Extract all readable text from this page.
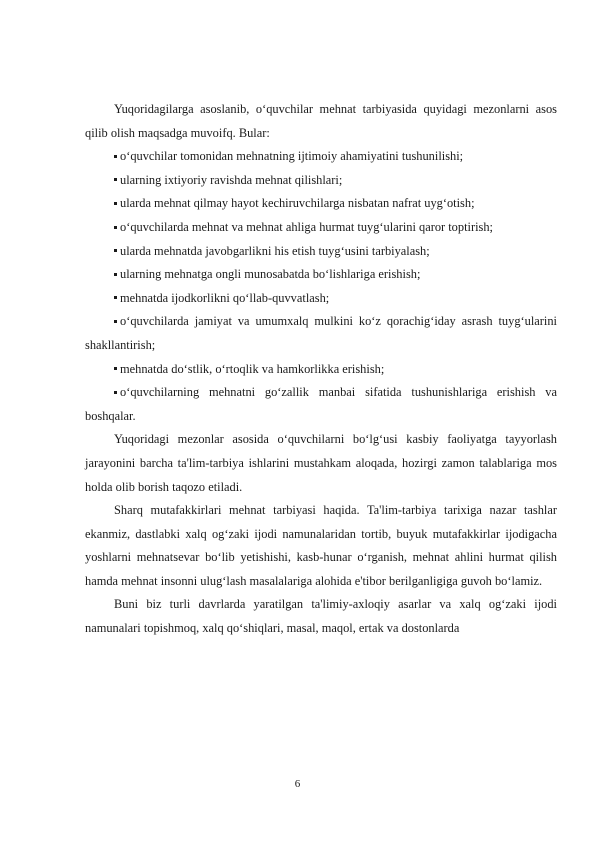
Yuqoridagilarga asoslanib, o‘quvchilar mehnat tarbiyasida quyidagi mezonlarni asos qilib olish maqsadga muvoifq. Bular:

o‘quvchilar tomonidan mehnatning ijtimoiy ahamiyatini tushunilishi;
ularning ixtiyoriy ravishda mehnat qilishlari;
ularda mehnat qilmay hayot kechiruvchilarga nisbatan nafrat uyg‘otish;
o‘quvchilarda mehnat va mehnat ahliga hurmat tuyg‘ularini qaror toptirish;
ularda mehnatda javobgarlikni his etish tuyg‘usini tarbiyalash;
ularning mehnatga ongli munosabatda bo‘lishlariga erishish;
mehnatda ijodkorlikni qo‘llab-quvvatlash;
o‘quvchilarda jamiyat va umumxalq mulkini ko‘z qorachig‘iday asrash tuyg‘ularini shakllantirish;
mehnatda do‘stlik, o‘rtoqlik va hamkorlikka erishish;
o‘quvchilarning mehnatni go‘zallik manbai sifatida tushunishlariga erishish va boshqalar.

Yuqoridagi mezonlar asosida o‘quvchilarni bo‘lg‘usi kasbiy faoliyatga tayyorlash jarayonini barcha ta'lim-tarbiya ishlarini mustahkam aloqada, hozirgi zamon talablariga mos holda olib borish taqozo etiladi.

Sharq mutafakkirlari mehnat tarbiyasi haqida. Ta'lim-tarbiya tarixiga nazar tashlar ekanmiz, dastlabki xalq og‘zaki ijodi namunalaridan tortib, buyuk mutafakkirlar ijodigacha yoshlarni mehnatsevar bo‘lib yetishishi, kasb-hunar o‘rganish, mehnat ahlini hurmat qilish hamda mehnat insonni ulug‘lash masalalariga alohida e'tibor berilganligiga guvoh bo‘lamiz.

Buni biz turli davrlarda yaratilgan ta'limiy-axloqiy asarlar va xalq og‘zaki ijodi namunalari topishmoq, xalq qo‘shiqlari, masal, maqol, ertak va dostonlarda

6
